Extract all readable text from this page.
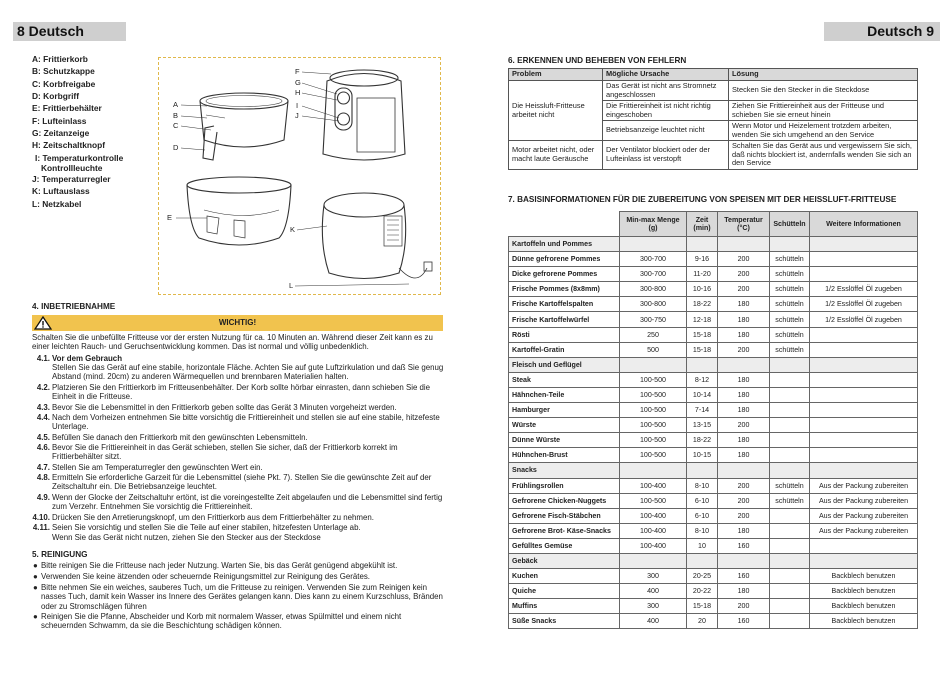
8 Deutsch	Deutsch 9
A: Frittierkorb
B: Schutzkappe
C: Korbfreigabe
D: Korbgriff
E: Frittierbehälter
F: Lufteinlass
G: Zeitanzeige
H: Zeitschaltknopf
I: Temperaturkontrolle
Kontrollleuchte
J: Temperaturregler
K: Luftauslass
L: Netzkabel
A
B
C
D
E
F
G
H
I
J
K
L
4. INBETRIEBNAHME
WICHTIG!
Schalten Sie die unbefüllte Fritteuse vor der ersten Nutzung für ca. 10 Minuten an. Während dieser Zeit kann es zu einer leichten Rauch- und Geruchsentwicklung kommen. Das ist normal und völlig unbedenklich.
4.1. Vor dem Gebrauch
Stellen Sie das Gerät auf eine stabile, horizontale Fläche. Achten Sie auf gute Luftzirkulation und daß Sie genug Abstand (mind. 20cm) zu anderen Wärmequellen und brennbaren Materialien halten.
4.2. Platzieren Sie den Frittierkorb im Fritteusenbehälter. Der Korb sollte hörbar einrasten, dann schieben Sie die Einheit in die Fritteuse.
4.3. Bevor Sie die Lebensmittel in den Frittierkorb geben sollte das Gerät 3 Minuten vorgeheizt werden.
4.4. Nach dem Vorheizen entnehmen Sie bitte vorsichtig die Frittiereinheit und stellen sie auf eine stabile, hitzefeste Unterlage.
4.5. Befüllen Sie danach den Frittierkorb mit den gewünschten Lebensmitteln.
4.6. Bevor Sie die Frittiereinheit in das Gerät schieben, stellen Sie sicher, daß der Frittierkorb korrekt im Frittierbehälter sitzt.
4.7. Stellen Sie am Temperaturregler den gewünschten Wert ein.
4.8. Ermitteln Sie erforderliche Garzeit für die Lebensmittel (siehe Pkt. 7). Stellen Sie die gewünschte Zeit auf der Zeitschaltuhr ein. Die Betriebsanzeige leuchtet.
4.9. Wenn der Glocke der Zeitschaltuhr ertönt, ist die voreingestellte Zeit abgelaufen und die Lebensmittel sind fertig zum Verzehr. Entnehmen Sie vorsichtig die Frittiereinheit.
4.10. Drücken Sie den Arretierungsknopf, um den Frittierkorb aus dem Frittierbehälter zu nehmen.
4.11. Seien Sie vorsichtig und stellen Sie die Teile auf einer stabilen, hitzefesten Unterlage ab.
Wenn Sie das Gerät nicht nutzen, ziehen Sie den Stecker aus der Steckdose
5. REINIGUNG
● Bitte reinigen Sie die Fritteuse nach jeder Nutzung. Warten Sie, bis das Gerät genügend abgekühlt ist.
● Verwenden Sie keine ätzenden oder scheuernde Reinigungsmittel zur Reinigung des Gerätes.
● Bitte nehmen Sie ein weiches, sauberes Tuch, um die Fritteuse zu reinigen. Verwenden Sie zum Reinigen kein nasses Tuch, damit kein Wasser ins Innere des Gerätes gelangen kann. Dies kann zu einem Kurzschluss, Bränden oder zu Stromschlägen führen
● Reinigen Sie die Pfanne, Abscheider und Korb mit normalem Wasser, etwas Spülmittel und einem nicht scheuernden Schwamm, da sie die Beschichtung schädigen können.
6. ERKENNEN UND BEHEBEN VON FEHLERN
Problem	Mögliche Ursache	Lösung
Die Heissluft-Fritteuse arbeitet nicht	Das Gerät ist nicht ans Stromnetz angeschlossen	Stecken Sie den Stecker in die Steckdose
	Die Frittiereinheit ist nicht richtig eingeschoben	Ziehen Sie Frittiereinheit aus der Fritteuse und schieben Sie sie erneut hinein
	Betriebsanzeige leuchtet nicht	Wenn Motor und Heizelement trotzdem arbeiten, wenden Sie sich umgehend an den Service
Motor arbeitet nicht, oder macht laute Geräusche	Der Ventilator blockiert oder der Lufteinlass ist verstopft	Schalten Sie das Gerät aus und vergewissern Sie sich, daß nichts blockiert ist, andernfalls wenden Sie sich an den Service
7. BASISINFORMATIONEN FÜR DIE ZUBEREITUNG VON SPEISEN MIT DER HEISSLUFT-FRITTEUSE
	Min-max Menge (g)	Zeit (min)	Temperatur (°C)	Schütteln	Weitere Informationen
Kartoffeln und Pommes					
Dünne gefrorene Pommes	300-700	9-16	200	schütteln	
Dicke gefrorene Pommes	300-700	11-20	200	schütteln	
Frische Pommes (8x8mm)	300-800	10-16	200	schütteln	1/2 Esslöffel Öl zugeben
Frische Kartoffelspalten	300-800	18-22	180	schütteln	1/2 Esslöffel Öl zugeben
Frische Kartoffelwürfel	300-750	12-18	180	schütteln	1/2 Esslöffel Öl zugeben
Rösti	250	15-18	180	schütteln	
Kartoffel-Gratin	500	15-18	200	schütteln	
Fleisch und Geflügel					
Steak	100-500	8-12	180		
Hähnchen-Teile	100-500	10-14	180		
Hamburger	100-500	7-14	180		
Würste	100-500	13-15	200		
Dünne Würste	100-500	18-22	180		
Hühnchen-Brust	100-500	10-15	180		
Snacks					
Frühlingsrollen	100-400	8-10	200	schütteln	Aus der Packung zubereiten
Gefrorene Chicken-Nuggets	100-500	6-10	200	schütteln	Aus der Packung zubereiten
Gefrorene Fisch-Stäbchen	100-400	6-10	200		Aus der Packung zubereiten
Gefrorene Brot- Käse-Snacks	100-400	8-10	180		Aus der Packung zubereiten
Gefülltes Gemüse	100-400	10	160		
Gebäck					
Kuchen	300	20-25	160		Backblech benutzen
Quiche	400	20-22	180		Backblech benutzen
Muffins	300	15-18	200		Backblech benutzen
Süße Snacks	400	20	160		Backblech benutzen
